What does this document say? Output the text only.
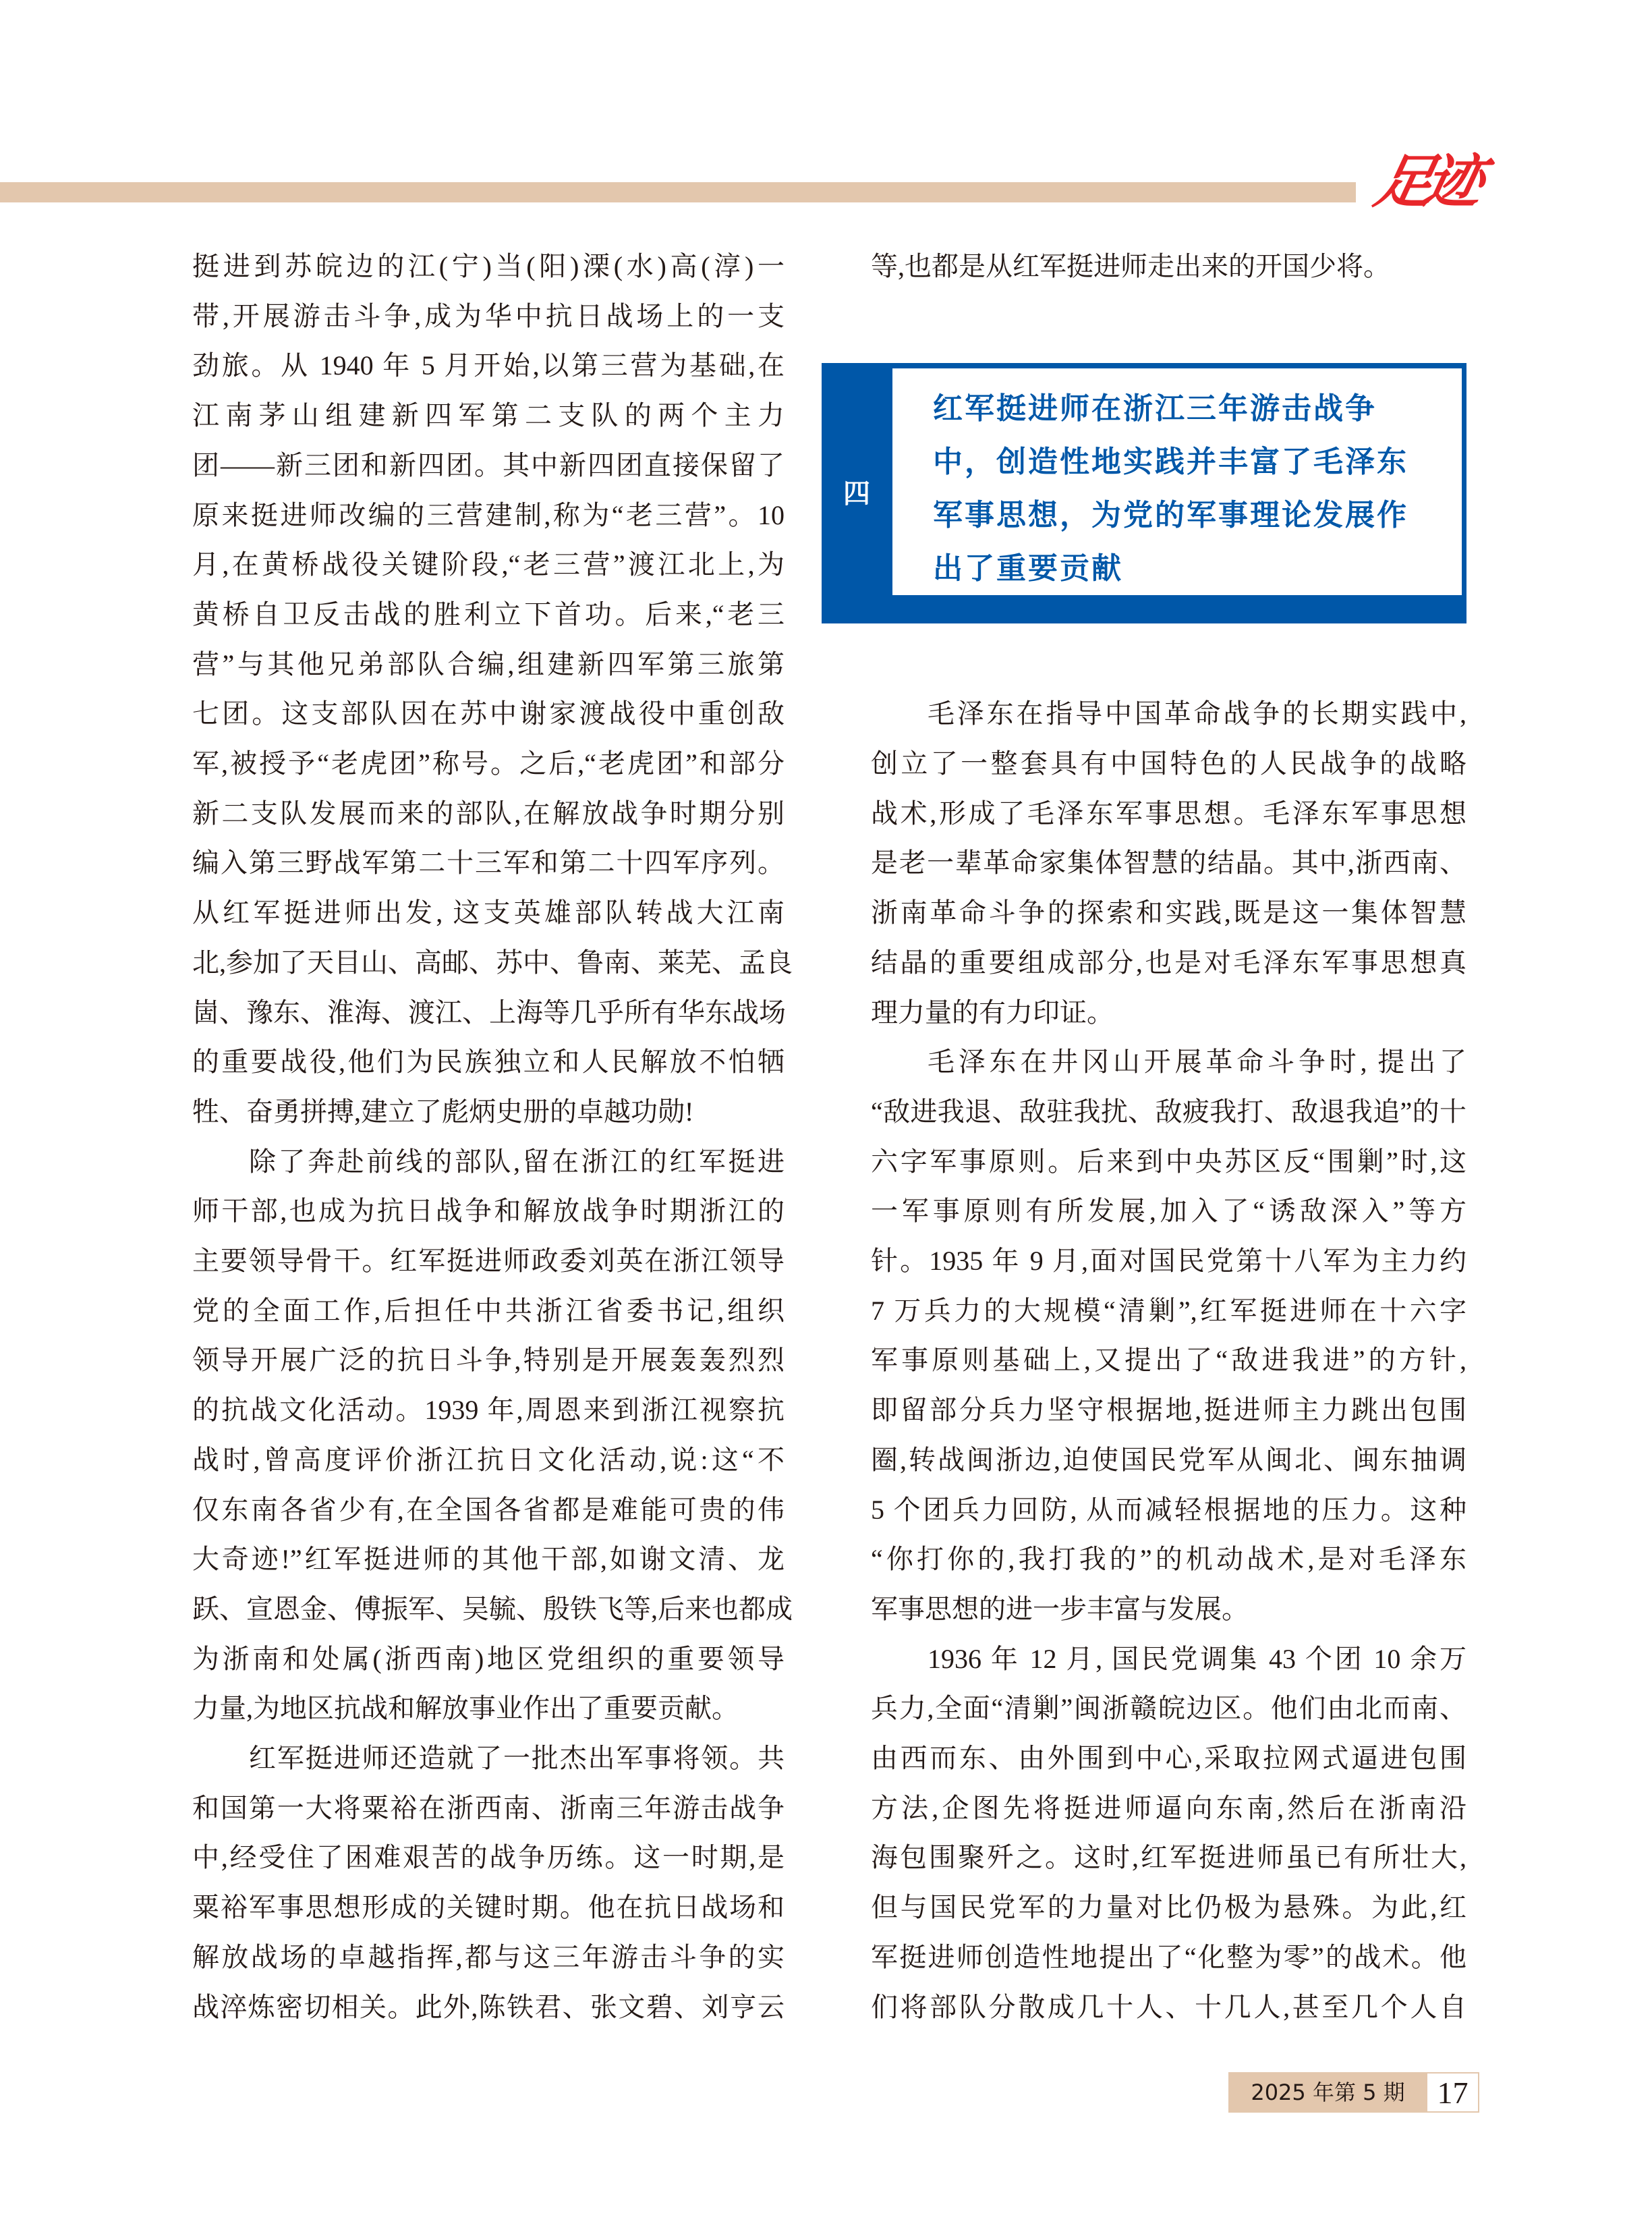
足迹
挺进到苏皖边的江(宁)当(阳)溧(水)高(淳)一
带,开展游击斗争,成为华中抗日战场上的一支
劲旅。从 1940 年 5 月开始,以第三营为基础,在
江南茅山组建新四军第二支队的两个主力
团——新三团和新四团。其中新四团直接保留了
原来挺进师改编的三营建制,称为“老三营”。10
月,在黄桥战役关键阶段,“老三营”渡江北上,为
黄桥自卫反击战的胜利立下首功。后来,“老三
营”与其他兄弟部队合编,组建新四军第三旅第
七团。这支部队因在苏中谢家渡战役中重创敌
军,被授予“老虎团”称号。之后,“老虎团”和部分
新二支队发展而来的部队,在解放战争时期分别
编入第三野战军第二十三军和第二十四军序列。
从红军挺进师出发, 这支英雄部队转战大江南
北,参加了天目山、高邮、苏中、鲁南、莱芜、孟良
崮、豫东、淮海、渡江、上海等几乎所有华东战场
的重要战役,他们为民族独立和人民解放不怕牺
牲、奋勇拼搏,建立了彪炳史册的卓越功勋!
除了奔赴前线的部队,留在浙江的红军挺进
师干部,也成为抗日战争和解放战争时期浙江的
主要领导骨干。红军挺进师政委刘英在浙江领导
党的全面工作,后担任中共浙江省委书记,组织
领导开展广泛的抗日斗争,特别是开展轰轰烈烈
的抗战文化活动。1939 年,周恩来到浙江视察抗
战时,曾高度评价浙江抗日文化活动,说:这“不
仅东南各省少有,在全国各省都是难能可贵的伟
大奇迹!”红军挺进师的其他干部,如谢文清、龙
跃、宣恩金、傅振军、吴毓、殷铁飞等,后来也都成
为浙南和处属(浙西南)地区党组织的重要领导
力量,为地区抗战和解放事业作出了重要贡献。
红军挺进师还造就了一批杰出军事将领。共
和国第一大将粟裕在浙西南、浙南三年游击战争
中,经受住了困难艰苦的战争历练。这一时期,是
粟裕军事思想形成的关键时期。他在抗日战场和
解放战场的卓越指挥,都与这三年游击斗争的实
战淬炼密切相关。此外,陈铁君、张文碧、刘亨云
等,也都是从红军挺进师走出来的开国少将。
毛泽东在指导中国革命战争的长期实践中,
创立了一整套具有中国特色的人民战争的战略
战术,形成了毛泽东军事思想。毛泽东军事思想
是老一辈革命家集体智慧的结晶。其中,浙西南、
浙南革命斗争的探索和实践,既是这一集体智慧
结晶的重要组成部分,也是对毛泽东军事思想真
理力量的有力印证。
毛泽东在井冈山开展革命斗争时, 提出了
“敌进我退、敌驻我扰、敌疲我打、敌退我追”的十
六字军事原则。后来到中央苏区反“围剿”时,这
一军事原则有所发展,加入了“诱敌深入”等方
针。1935 年 9 月,面对国民党第十八军为主力约
7 万兵力的大规模“清剿”,红军挺进师在十六字
军事原则基础上,又提出了“敌进我进”的方针,
即留部分兵力坚守根据地,挺进师主力跳出包围
圈,转战闽浙边,迫使国民党军从闽北、闽东抽调
5 个团兵力回防, 从而减轻根据地的压力。这种
“你打你的,我打我的”的机动战术,是对毛泽东
军事思想的进一步丰富与发展。
1936 年 12 月, 国民党调集 43 个团 10 余万
兵力,全面“清剿”闽浙赣皖边区。他们由北而南、
由西而东、由外围到中心,采取拉网式逼进包围
方法,企图先将挺进师逼向东南,然后在浙南沿
海包围聚歼之。这时,红军挺进师虽已有所壮大,
但与国民党军的力量对比仍极为悬殊。为此,红
军挺进师创造性地提出了“化整为零”的战术。他
们将部队分散成几十人、十几人,甚至几个人自
四
红军挺进师在浙江三年游击战争
中，创造性地实践并丰富了毛泽东
军事思想，为党的军事理论发展作
出了重要贡献
2025 年第 5 期	17
